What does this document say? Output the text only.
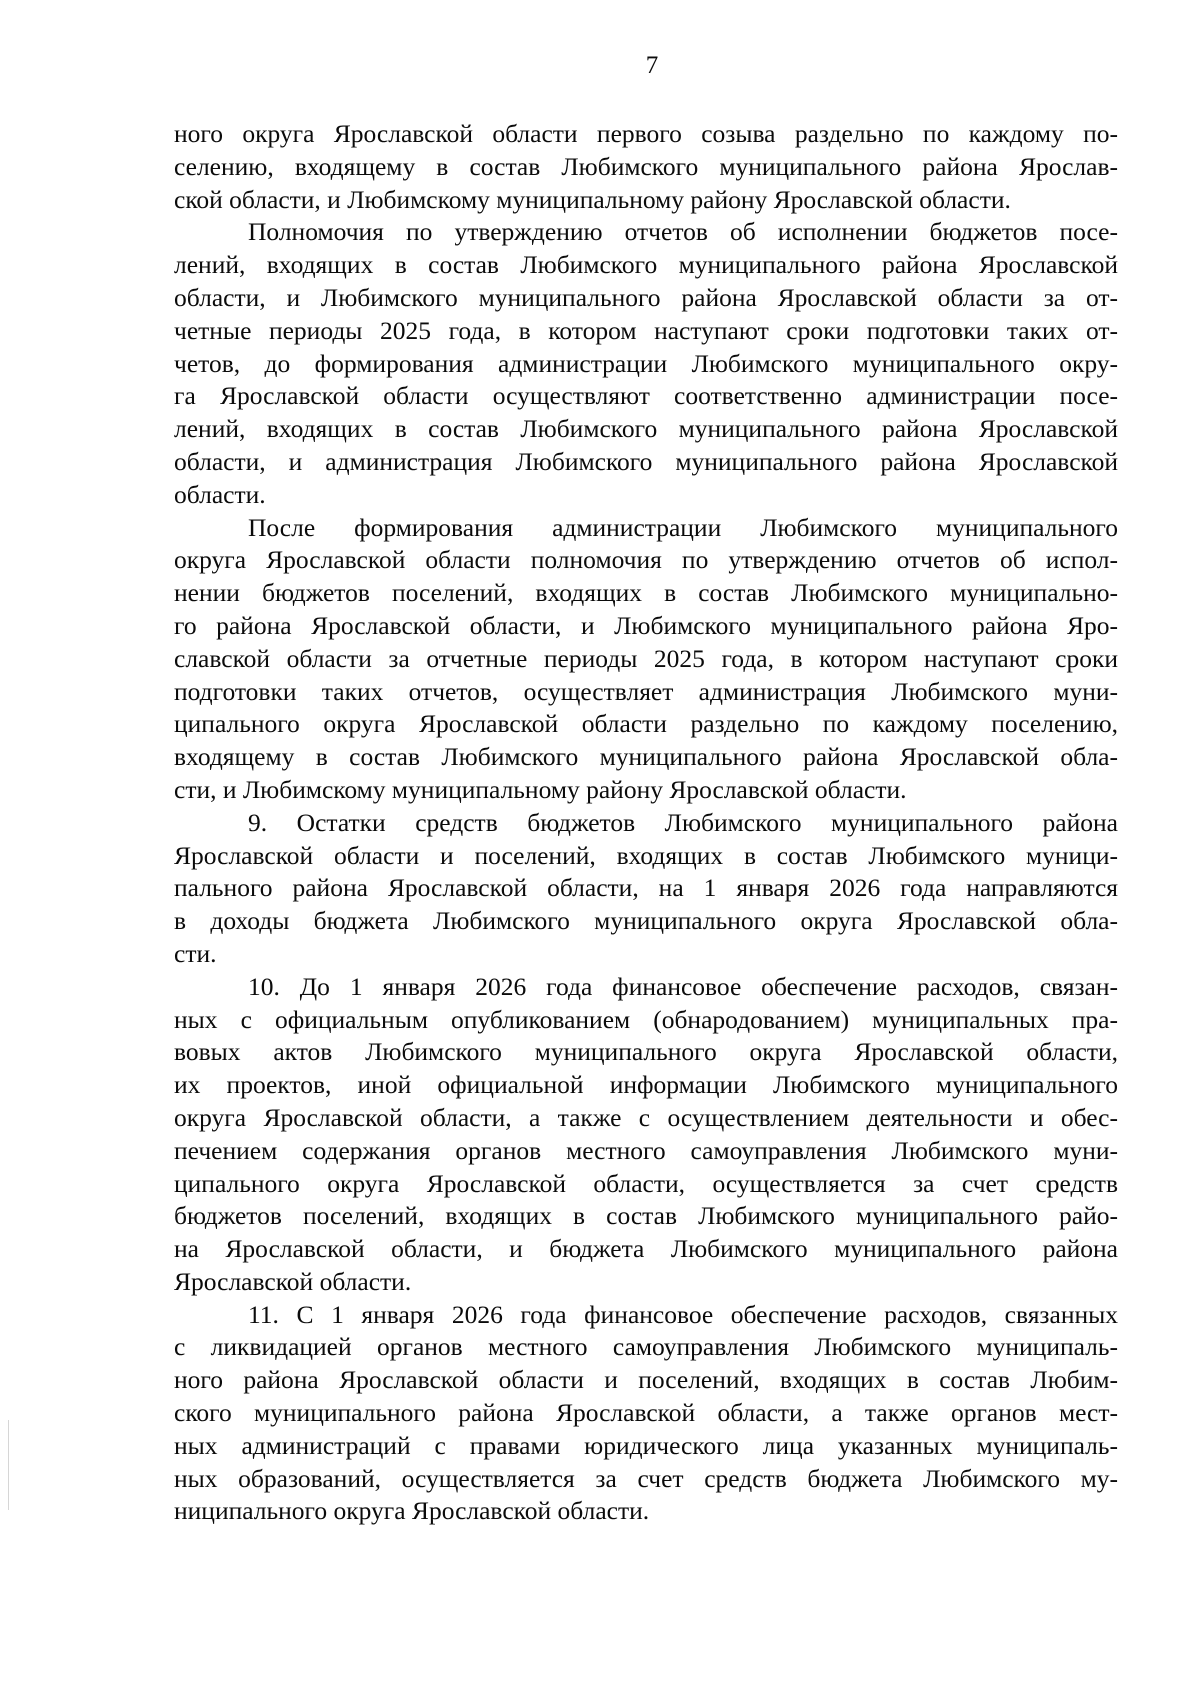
7

ного округа Ярославской области первого созыва раздельно по каждому по-
селению, входящему в состав Любимского муниципального района Ярослав-
ской области, и Любимскому муниципальному району Ярославской области.

Полномочия по утверждению отчетов об исполнении бюджетов посе-
лений, входящих в состав Любимского муниципального района Ярославской
области, и Любимского муниципального района Ярославской области за от-
четные периоды 2025 года, в котором наступают сроки подготовки таких от-
четов, до формирования администрации Любимского муниципального окру-
га Ярославской области осуществляют соответственно администрации посе-
лений, входящих в состав Любимского муниципального района Ярославской
области, и администрация Любимского муниципального района Ярославской
области.

После формирования администрации Любимского муниципального
округа Ярославской области полномочия по утверждению отчетов об испол-
нении бюджетов поселений, входящих в состав Любимского муниципально-
го района Ярославской области, и Любимского муниципального района Яро-
славской области за отчетные периоды 2025 года, в котором наступают сроки
подготовки таких отчетов, осуществляет администрация Любимского муни-
ципального округа Ярославской области раздельно по каждому поселению,
входящему в состав Любимского муниципального района Ярославской обла-
сти, и Любимскому муниципальному району Ярославской области.

9. Остатки средств бюджетов Любимского муниципального района
Ярославской области и поселений, входящих в состав Любимского муници-
пального района Ярославской области, на 1 января 2026 года направляются
в доходы бюджета Любимского муниципального округа Ярославской обла-
сти.

10. До 1 января 2026 года финансовое обеспечение расходов, связан-
ных с официальным опубликованием (обнародованием) муниципальных пра-
вовых актов Любимского муниципального округа Ярославской области,
их проектов, иной официальной информации Любимского муниципального
округа Ярославской области, а также с осуществлением деятельности и обес-
печением содержания органов местного самоуправления Любимского муни-
ципального округа Ярославской области, осуществляется за счет средств
бюджетов поселений, входящих в состав Любимского муниципального райо-
на Ярославской области, и бюджета Любимского муниципального района
Ярославской области.

11. С 1 января 2026 года финансовое обеспечение расходов, связанных
с ликвидацией органов местного самоуправления Любимского муниципаль-
ного района Ярославской области и поселений, входящих в состав Любим-
ского муниципального района Ярославской области, а также органов мест-
ных администраций с правами юридического лица указанных муниципаль-
ных образований, осуществляется за счет средств бюджета Любимского му-
ниципального округа Ярославской области.
